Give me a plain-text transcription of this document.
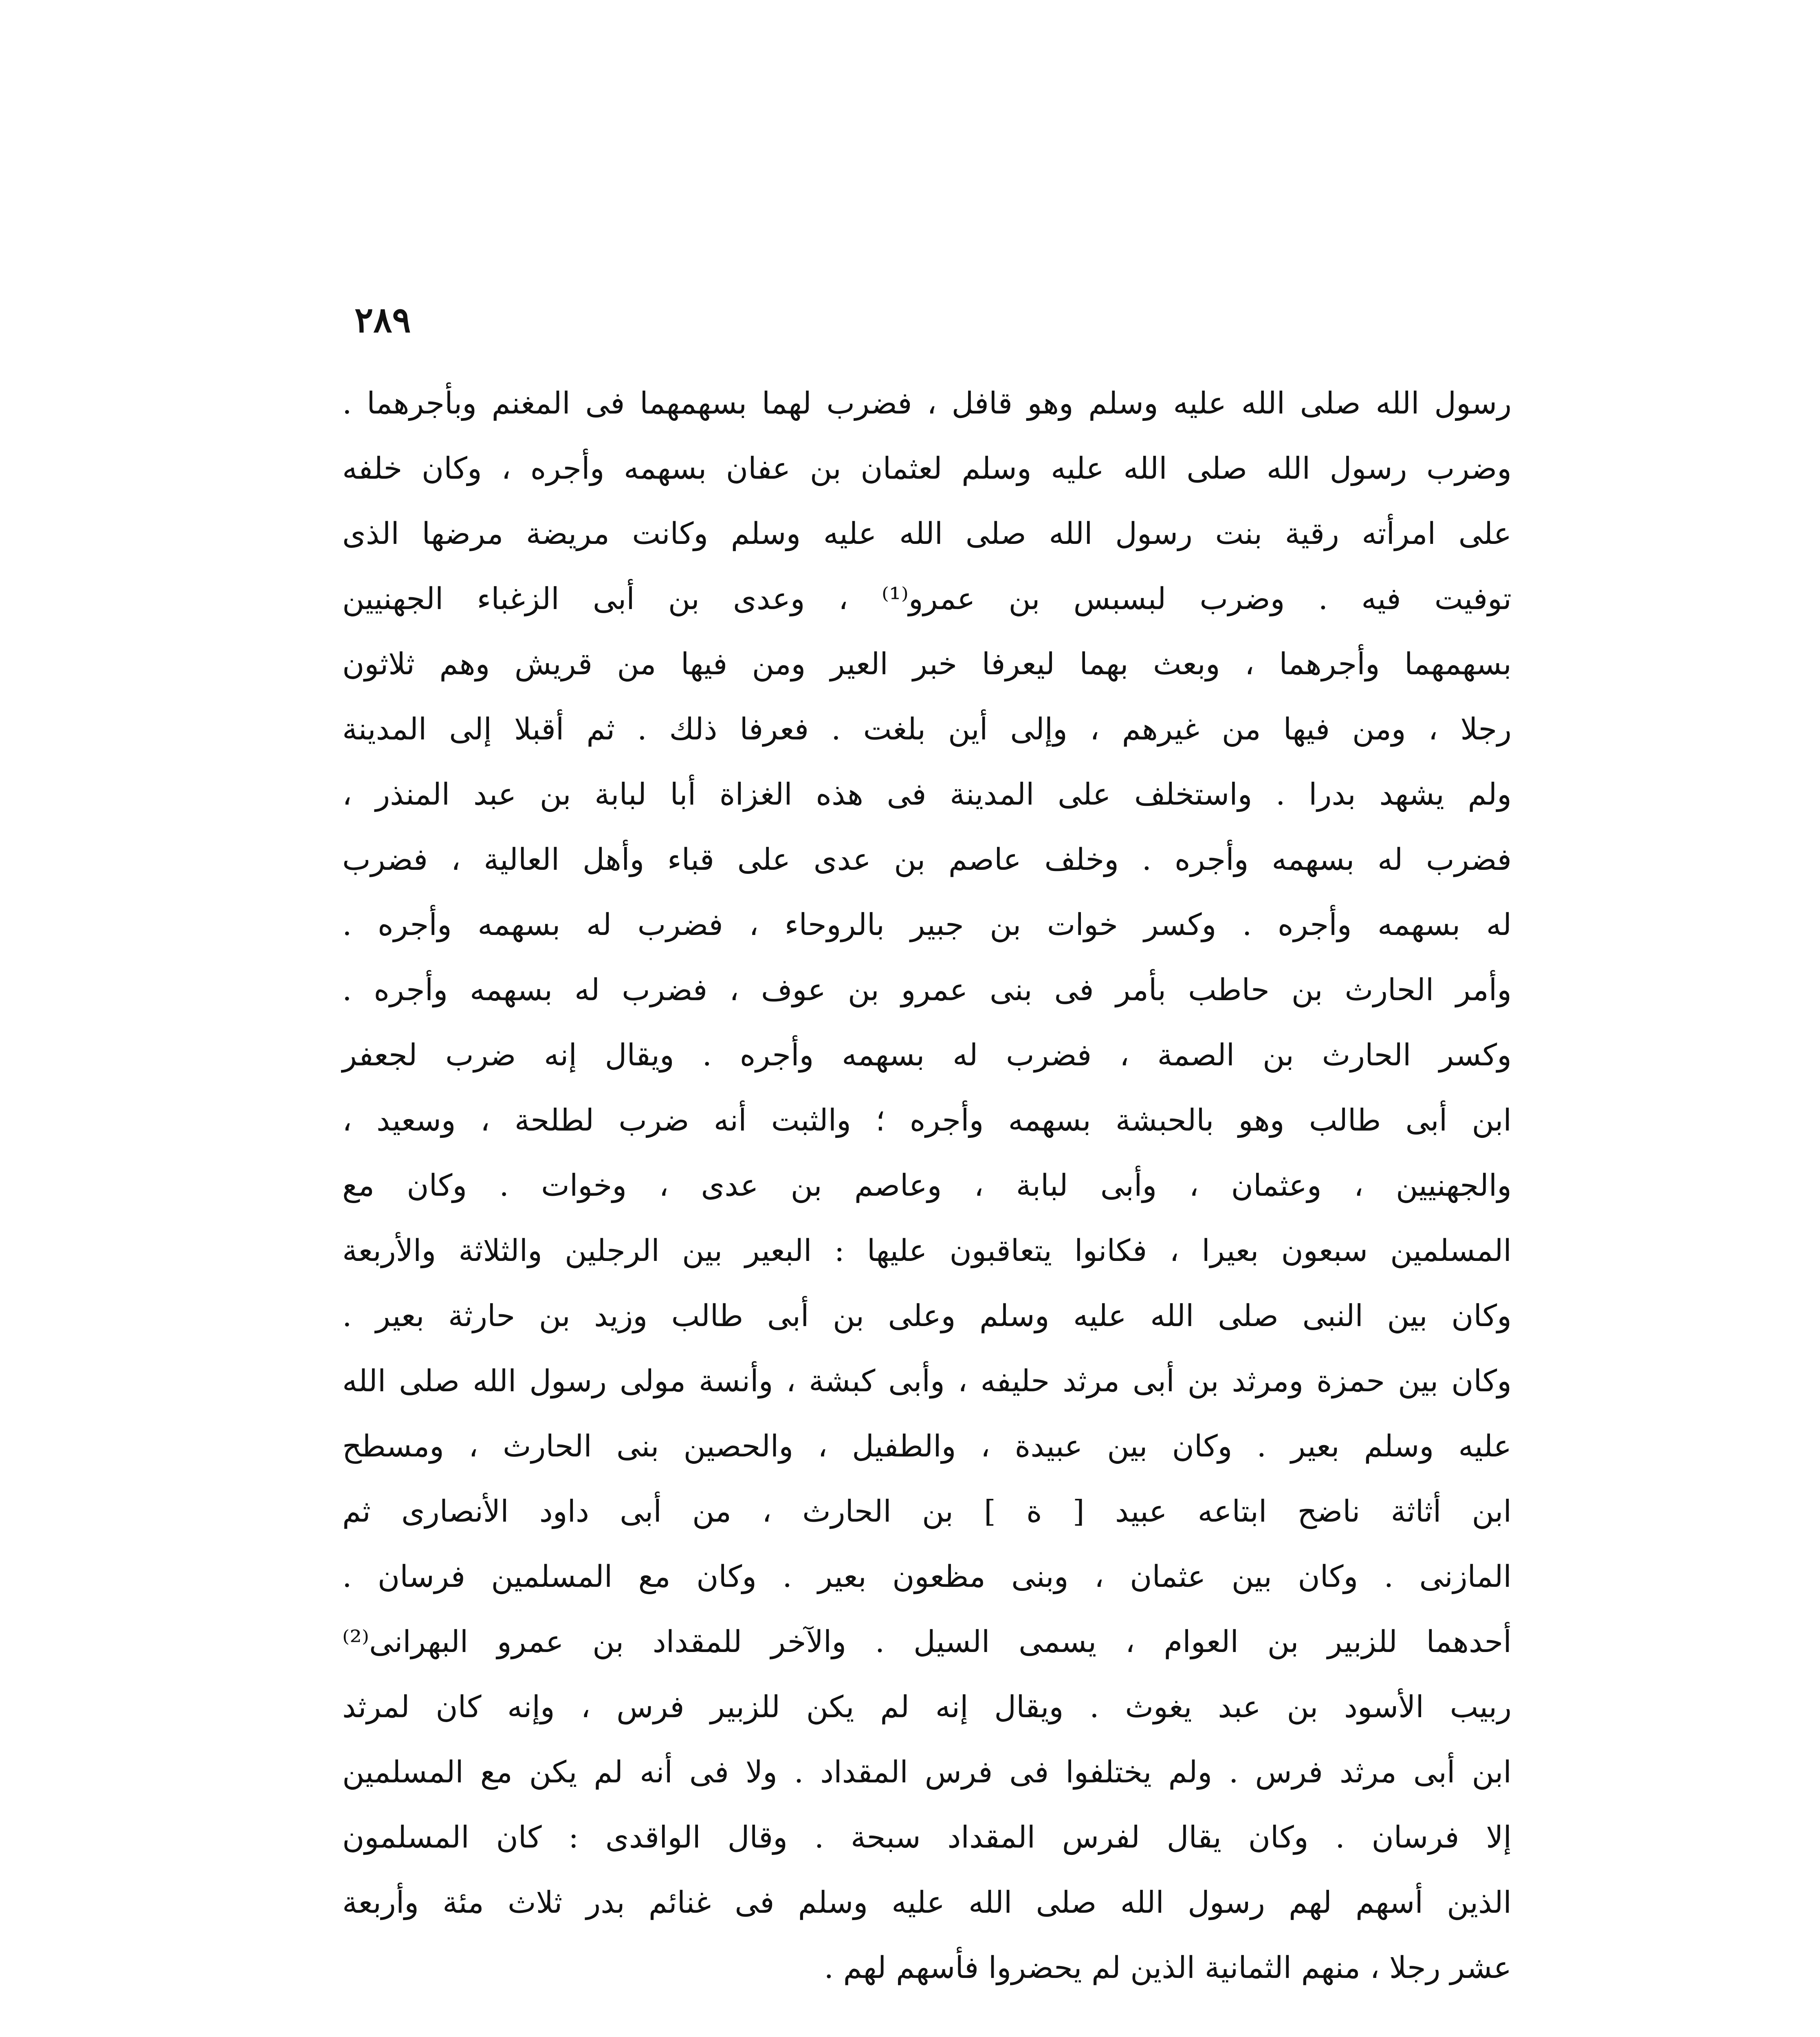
٢٨٩
رسول الله صلى الله عليه وسلم وهو قافل ، فضرب لهما بسهمهما فى المغنم وبأجرهما .
وضرب رسول الله صلى الله عليه وسلم لعثمان بن عفان بسهمه وأجره ، وكان خلفه
على امرأته رقية بنت رسول الله صلى الله عليه وسلم وكانت مريضة مرضها الذى
توفيت فيه . وضرب لبسبس بن عمرو⁽¹⁾ ، وعدى بن أبى الزغباء الجهنيين
بسهمهما وأجرهما ، وبعث بهما ليعرفا خبر العير ومن فيها من قريش وهم ثلاثون
رجلا ، ومن فيها من غيرهم ، وإلى أين بلغت . فعرفا ذلك . ثم أقبلا إلى المدينة
ولم يشهد بدرا . واستخلف على المدينة فى هذه الغزاة أبا لبابة بن عبد المنذر ،
فضرب له بسهمه وأجره . وخلف عاصم بن عدى على قباء وأهل العالية ، فضرب
له بسهمه وأجره . وكسر خوات بن جبير بالروحاء ، فضرب له بسهمه وأجره .
وأمر الحارث بن حاطب بأمر فى بنى عمرو بن عوف ، فضرب له بسهمه وأجره .
وكسر الحارث بن الصمة ، فضرب له بسهمه وأجره . ويقال إنه ضرب لجعفر
ابن أبى طالب وهو بالحبشة بسهمه وأجره ؛ والثبت أنه ضرب لطلحة ، وسعيد ،
والجهنيين ، وعثمان ، وأبى لبابة ، وعاصم بن عدى ، وخوات . وكان مع
المسلمين سبعون بعيرا ، فكانوا يتعاقبون عليها : البعير بين الرجلين والثلاثة والأربعة
وكان بين النبى صلى الله عليه وسلم وعلى بن أبى طالب وزيد بن حارثة بعير .
وكان بين حمزة ومرثد بن أبى مرثد حليفه ، وأبى كبشة ، وأنسة مولى رسول الله صلى الله
عليه وسلم بعير . وكان بين عبيدة ، والطفيل ، والحصين بنى الحارث ، ومسطح
ابن أثاثة ناضح ابتاعه عبيد [ ة ] بن الحارث ، من أبى داود الأنصارى ثم
المازنى . وكان بين عثمان ، وبنى مظعون بعير . وكان مع المسلمين فرسان .
أحدهما للزبير بن العوام ، يسمى السيل . والآخر للمقداد بن عمرو البهرانى⁽²⁾
ربيب الأسود بن عبد يغوث . ويقال إنه لم يكن للزبير فرس ، وإنه كان لمرثد
ابن أبى مرثد فرس . ولم يختلفوا فى فرس المقداد . ولا فى أنه لم يكن مع المسلمين
إلا فرسان . وكان يقال لفرس المقداد سبحة . وقال الواقدى : كان المسلمون
الذين أسهم لهم رسول الله صلى الله عليه وسلم فى غنائم بدر ثلاث مئة وأربعة
عشر رجلا ، منهم الثمانية الذين لم يحضروا فأسهم لهم .
